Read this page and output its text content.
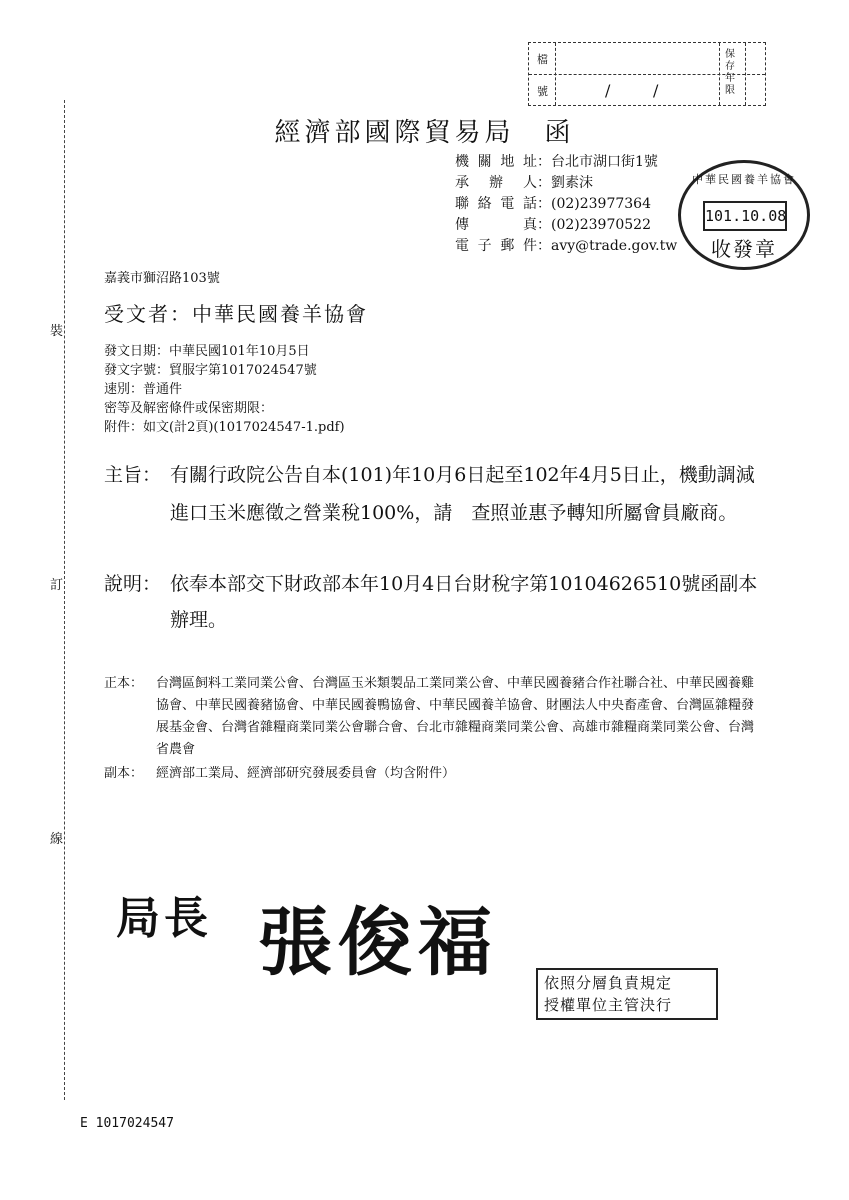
裝
訂
線
檔
號	/	/
保存年限
經濟部國際貿易局　函
機關地址：台北市湖口街1號
承辦人：劉素沫
聯絡電話：(02)23977364
傳真：(02)23970522
電子郵件：avy@trade.gov.tw
中華民國養羊協會
101.10.08
收發章
嘉義市獅沼路103號
受文者：中華民國養羊協會
發文日期：中華民國101年10月5日
發文字號：貿服字第1017024547號
速別：普通件
密等及解密條件或保密期限：
附件：如文(計2頁)(1017024547-1.pdf)
主旨： 有關行政院公告自本(101)年10月6日起至102年4月5日止，機動調減進口玉米應徵之營業稅100%，請　查照並惠予轉知所屬會員廠商。
說明： 依奉本部交下財政部本年10月4日台財稅字第10104626510號函副本辦理。
正本： 台灣區飼料工業同業公會、台灣區玉米類製品工業同業公會、中華民國養豬合作社聯合社、中華民國養雞協會、中華民國養豬協會、中華民國養鴨協會、中華民國養羊協會、財團法人中央畜產會、台灣區雜糧發展基金會、台灣省雜糧商業同業公會聯合會、台北市雜糧商業同業公會、高雄市雜糧商業同業公會、台灣省農會
副本： 經濟部工業局、經濟部研究發展委員會（均含附件）
局長 張俊福	依照分層負責規定
授權單位主管決行
E 1017024547
